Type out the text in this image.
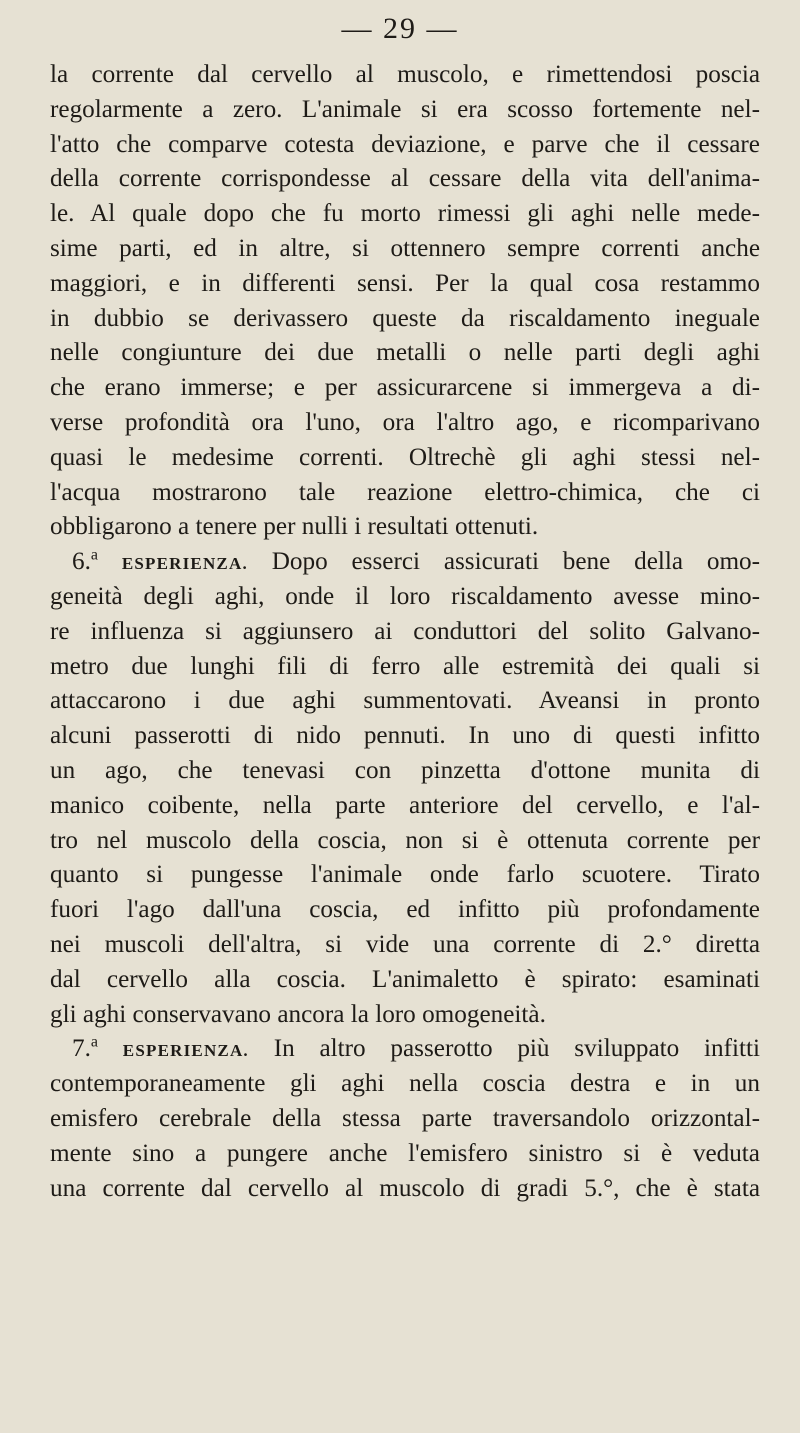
— 29 —
la corrente dal cervello al muscolo, e rimettendosi poscia
regolarmente a zero. L'animale si era scosso fortemente nel-
l'atto che comparve cotesta deviazione, e parve che il cessare
della corrente corrispondesse al cessare della vita dell'anima-
le. Al quale dopo che fu morto rimessi gli aghi nelle mede-
sime parti, ed in altre, si ottennero sempre correnti anche
maggiori, e in differenti sensi. Per la qual cosa restammo
in dubbio se derivassero queste da riscaldamento ineguale
nelle congiunture dei due metalli o nelle parti degli aghi
che erano immerse; e per assicurarcene si immergeva a di-
verse profondità ora l'uno, ora l'altro ago, e ricomparivano
quasi le medesime correnti. Oltrechè gli aghi stessi nel-
l'acqua mostrarono tale reazione elettro-chimica, che ci
obbligarono a tenere per nulli i resultati ottenuti.
6.$^a$ ESPERIENZA. Dopo esserci assicurati bene della omo-
geneità degli aghi, onde il loro riscaldamento avesse mino-
re influenza si aggiunsero ai conduttori del solito Galvano-
metro due lunghi fili di ferro alle estremità dei quali si
attaccarono i due aghi summentovati. Aveansi in pronto
alcuni passerotti di nido pennuti. In uno di questi infitto
un ago, che tenevasi con pinzetta d'ottone munita di
manico coibente, nella parte anteriore del cervello, e l'al-
tro nel muscolo della coscia, non si è ottenuta corrente per
quanto si pungesse l'animale onde farlo scuotere. Tirato
fuori l'ago dall'una coscia, ed infitto più profondamente
nei muscoli dell'altra, si vide una corrente di 2.° diretta
dal cervello alla coscia. L'animaletto è spirato: esaminati
gli aghi conservavano ancora la loro omogeneità.
7.$^a$ ESPERIENZA. In altro passerotto più sviluppato infitti
contemporaneamente gli aghi nella coscia destra e in un
emisfero cerebrale della stessa parte traversandolo orizzontal-
mente sino a pungere anche l'emisfero sinistro si è veduta
una corrente dal cervello al muscolo di gradi 5.°, che è stata
